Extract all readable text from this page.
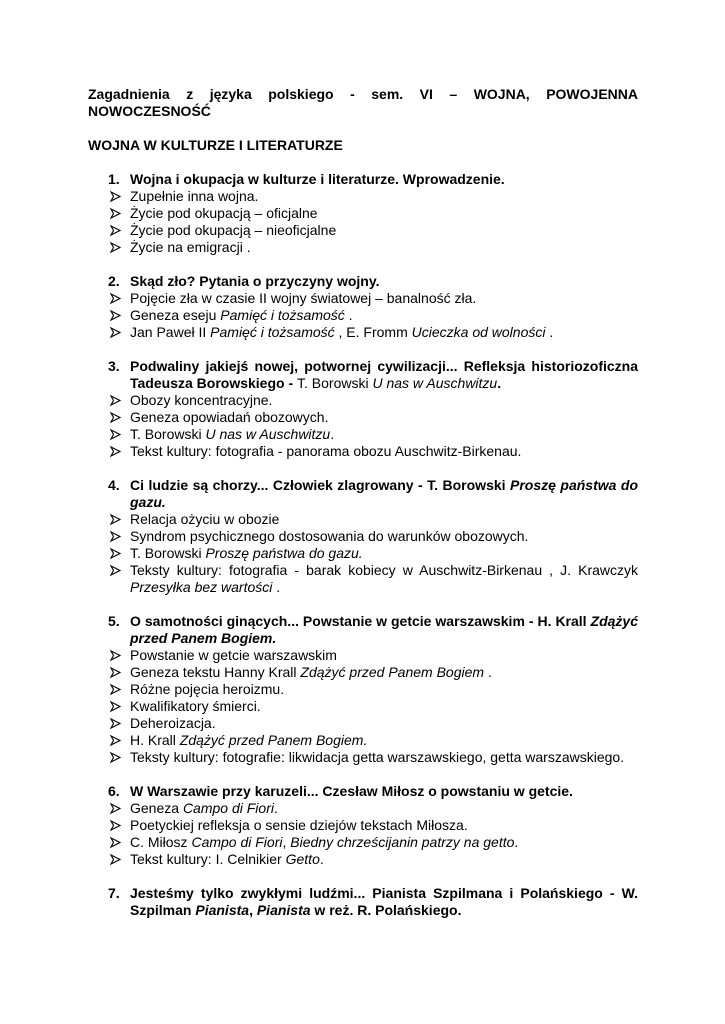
Zagadnienia z języka polskiego - sem. VI – WOJNA, POWOJENNA NOWOCZESNOŚĆ

WOJNA W KULTURZE I LITERATURZE

1. Wojna i okupacja w kulturze i literaturze. Wprowadzenie.
Zupełnie inna wojna.
Życie pod okupacją – oficjalne
Życie pod okupacją – nieoficjalne
Życie na emigracji .
2. Skąd zło? Pytania o przyczyny wojny.
Pojęcie zła w czasie II wojny światowej – banalność zła.
Geneza eseju Pamięć i tożsamość .
Jan Paweł II Pamięć i tożsamość , E. Fromm Ucieczka od wolności .
3. Podwaliny jakiejś nowej, potwornej cywilizacji... Refleksja historiozoficzna Tadeusza Borowskiego - T. Borowski U nas w Auschwitzu.
Obozy koncentracyjne.
Geneza opowiadań obozowych.
T. Borowski U nas w Auschwitzu.
Tekst kultury: fotografia - panorama obozu Auschwitz-Birkenau.
4. Ci ludzie są chorzy... Człowiek zlagrowany - T. Borowski Proszę państwa do gazu.
Relacja ożyciu w obozie
Syndrom psychicznego dostosowania do warunków obozowych.
T. Borowski Proszę państwa do gazu.
Teksty kultury: fotografia - barak kobiecy w Auschwitz-Birkenau , J. Krawczyk Przesyłka bez wartości .
5. O samotności ginących... Powstanie w getcie warszawskim - H. Krall Zdążyć przed Panem Bogiem.
Powstanie w getcie warszawskim
Geneza tekstu Hanny Krall Zdążyć przed Panem Bogiem .
Różne pojęcia heroizmu.
Kwalifikatory śmierci.
Deheroizacja.
H. Krall Zdążyć przed Panem Bogiem.
Teksty kultury: fotografie: likwidacja getta warszawskiego, getta warszawskiego.
6. W Warszawie przy karuzeli... Czesław Miłosz o powstaniu w getcie.
Geneza Campo di Fiori.
Poetyckiej refleksja o sensie dziejów tekstach Miłosza.
C. Miłosz Campo di Fiori, Biedny chrześcijanin patrzy na getto.
Tekst kultury: I. Celnikier Getto.
7. Jesteśmy tylko zwykłymi ludźmi... Pianista Szpilmana i Polańskiego - W. Szpilman Pianista, Pianista w reż. R. Polańskiego.
